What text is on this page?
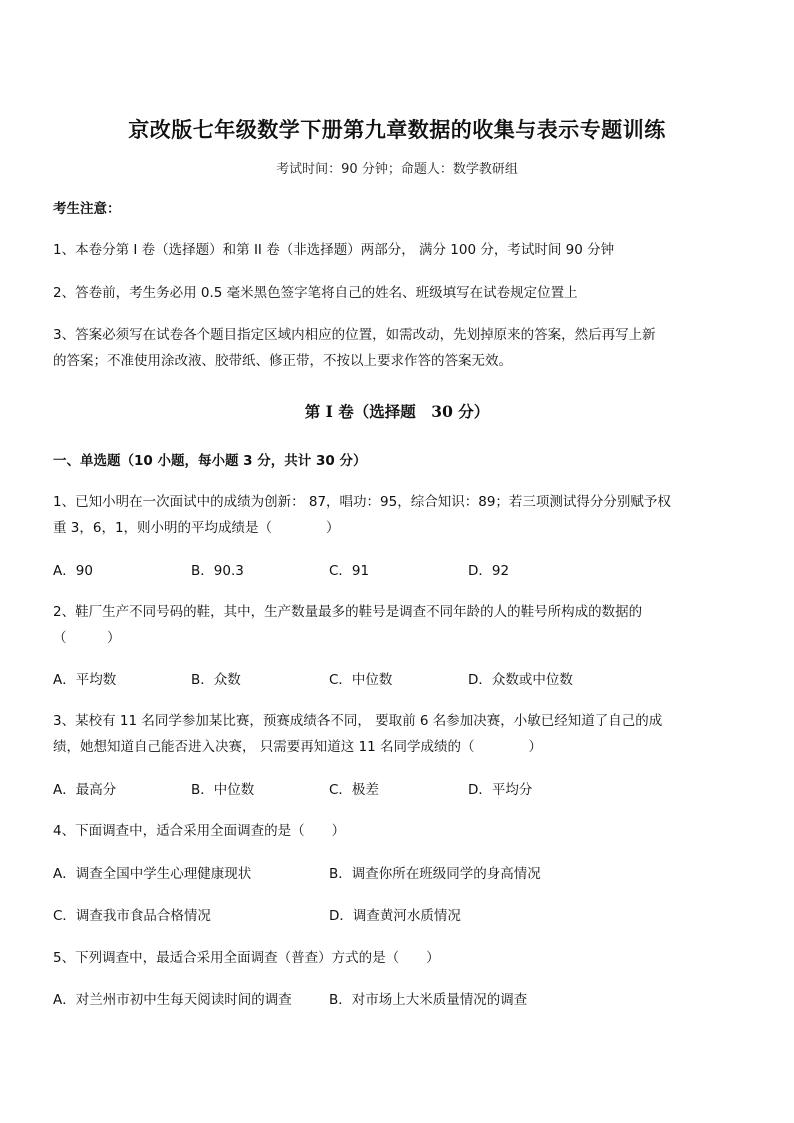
京改版七年级数学下册第九章数据的收集与表示专题训练
考试时间：90 分钟；命题人：数学教研组
考生注意：
1、本卷分第 I 卷（选择题）和第 II 卷（非选择题）两部分， 满分 100 分，考试时间 90 分钟
2、答卷前，考生务必用 0.5 毫米黑色签字笔将自己的姓名、班级填写在试卷规定位置上
3、答案必须写在试卷各个题目指定区域内相应的位置，如需改动，先划掉原来的答案，然后再写上新
的答案；不准使用涂改液、胶带纸、修正带，不按以上要求作答的答案无效。
第 I 卷（选择题　30 分）
一、单选题（10 小题，每小题 3 分，共计 30 分）
1、已知小明在一次面试中的成绩为创新： 87，唱功：95，综合知识：89；若三项测试得分分别赋予权
重 3，6，1，则小明的平均成绩是（　　　　）
A．90	B．90.3	C．91	D．92
2、鞋厂生产不同号码的鞋，其中，生产数量最多的鞋号是调查不同年龄的人的鞋号所构成的数据的
（　　　）
A．平均数	B．众数	C．中位数	D．众数或中位数
3、某校有 11 名同学参加某比赛，预赛成绩各不同， 要取前 6 名参加决赛，小敏已经知道了自己的成
绩，她想知道自己能否进入决赛， 只需要再知道这 11 名同学成绩的（　　　　）
A．最高分	B．中位数	C．极差	D．平均分
4、下面调查中，适合采用全面调查的是（　　）
A．调查全国中学生心理健康现状	B．调查你所在班级同学的身高情况
C．调查我市食品合格情况	D．调查黄河水质情况
5、下列调查中，最适合采用全面调查（普查）方式的是（　　）
A．对兰州市初中生每天阅读时间的调查	B．对市场上大米质量情况的调查
